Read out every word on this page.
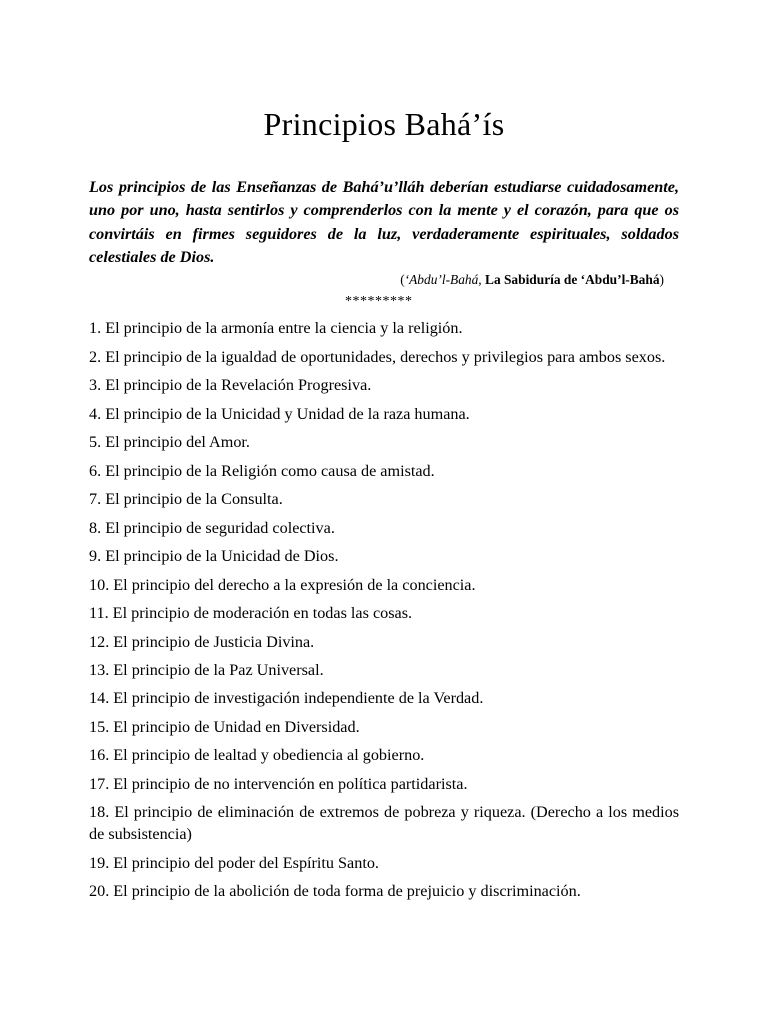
Principios Bahá’ís

Los principios de las Enseñanzas de Bahá’u’lláh deberían estudiarse cuidadosamente, uno por uno, hasta sentirlos y comprenderlos con la mente y el corazón, para que os convirtáis en firmes seguidores de la luz, verdaderamente espirituales, soldados celestiales de Dios.

(‘Abdu’l-Bahá, La Sabiduría de ‘Abdu’l-Bahá)
*********
1. El principio de la armonía entre la ciencia y la religión.
2. El principio de la igualdad de oportunidades, derechos y privilegios para ambos sexos.
3. El principio de la Revelación Progresiva.
4. El principio de la Unicidad y Unidad de la raza humana.
5. El principio del Amor.
6. El principio de la Religión como causa de amistad.
7. El principio de la Consulta.
8. El principio de seguridad colectiva.
9. El principio de la Unicidad de Dios.
10. El principio del derecho a la expresión de la conciencia.
11. El principio de moderación en todas las cosas.
12. El principio de Justicia Divina.
13. El principio de la Paz Universal.
14. El principio de investigación independiente de la Verdad.
15. El principio de Unidad en Diversidad.
16. El principio de lealtad y obediencia al gobierno.
17. El principio de no intervención en política partidarista.
18. El principio de eliminación de extremos de pobreza y riqueza. (Derecho a los medios de subsistencia)
19. El principio del poder del Espíritu Santo.
20. El principio de la abolición de toda forma de prejuicio y discriminación.
